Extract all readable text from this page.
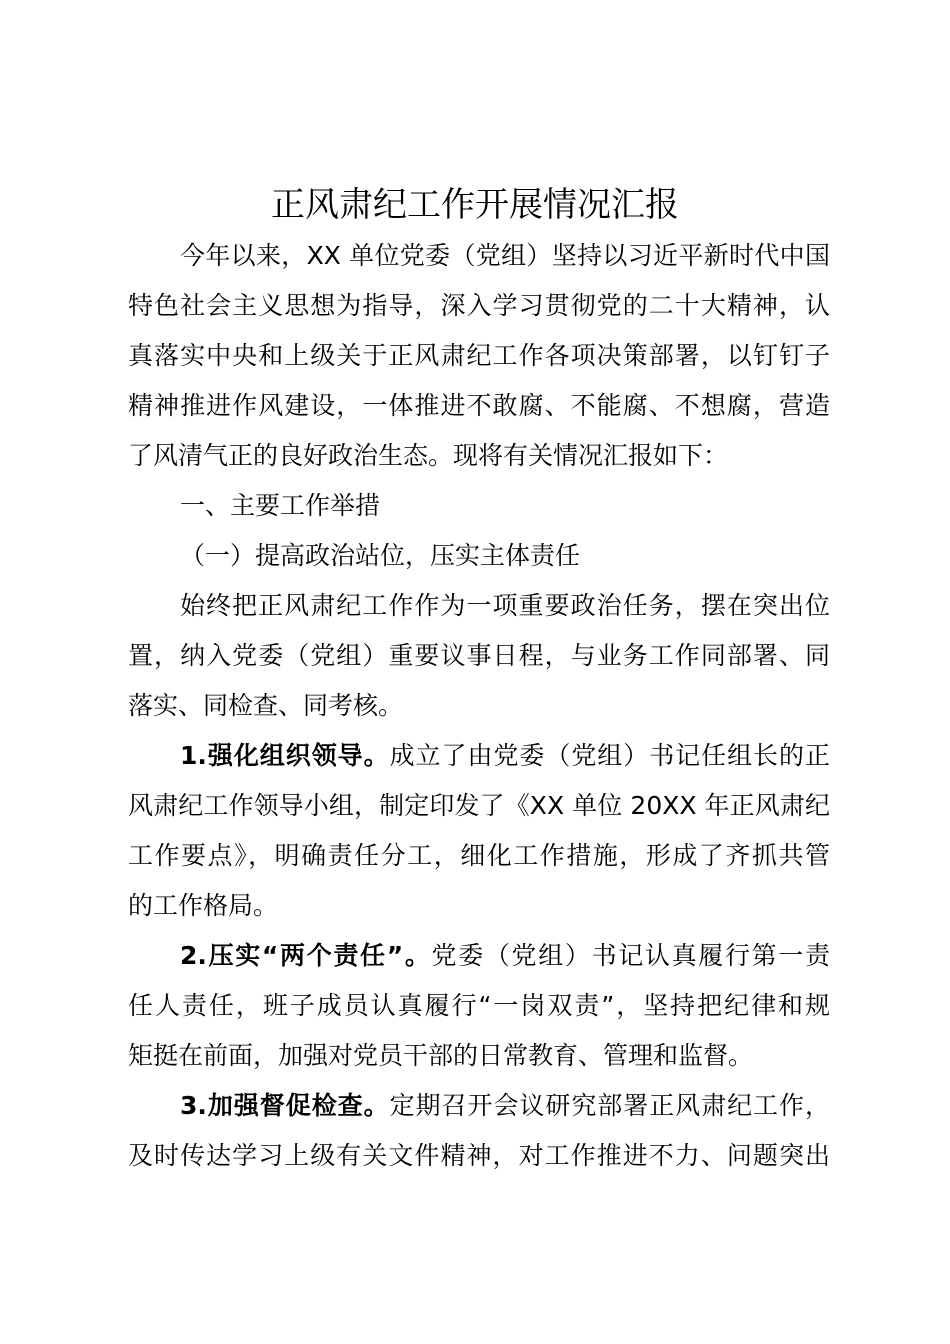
正风肃纪工作开展情况汇报
今年以来，XX 单位党委（党组）坚持以习近平新时代中国
特色社会主义思想为指导，深入学习贯彻党的二十大精神，认
真落实中央和上级关于正风肃纪工作各项决策部署，以钉钉子
精神推进作风建设，一体推进不敢腐、不能腐、不想腐，营造
了风清气正的良好政治生态。现将有关情况汇报如下：
一、主要工作举措
（一）提高政治站位，压实主体责任
始终把正风肃纪工作作为一项重要政治任务，摆在突出位
置，纳入党委（党组）重要议事日程，与业务工作同部署、同
落实、同检查、同考核。
1.强化组织领导。成立了由党委（党组）书记任组长的正
风肃纪工作领导小组，制定印发了《XX 单位 20XX 年正风肃纪
工作要点》，明确责任分工，细化工作措施，形成了齐抓共管
的工作格局。
2.压实“两个责任”。党委（党组）书记认真履行第一责
任人责任，班子成员认真履行“一岗双责”，坚持把纪律和规
矩挺在前面，加强对党员干部的日常教育、管理和监督。
3.加强督促检查。定期召开会议研究部署正风肃纪工作，
及时传达学习上级有关文件精神，对工作推进不力、问题突出
